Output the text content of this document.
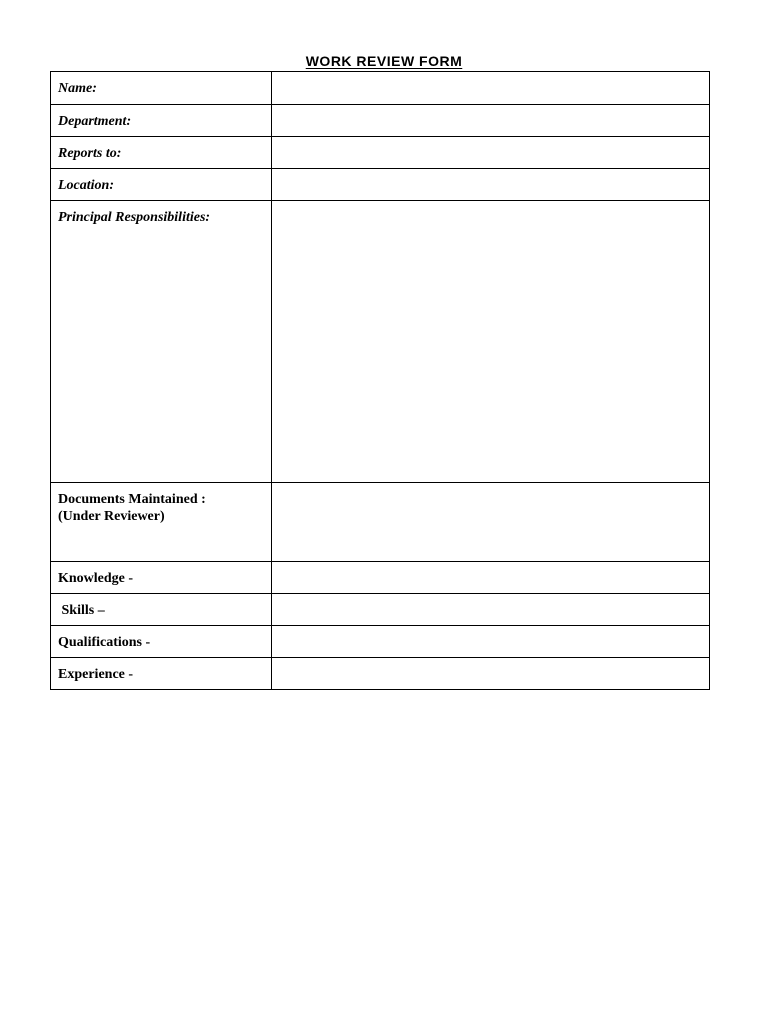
WORK REVIEW FORM
Name:	
Department:	
Reports to:	
Location:	
Principal Responsibilities:	

Documents Maintained :
(Under Reviewer)	

Knowledge -	
Skills –	
Qualifications -	
Experience -	
